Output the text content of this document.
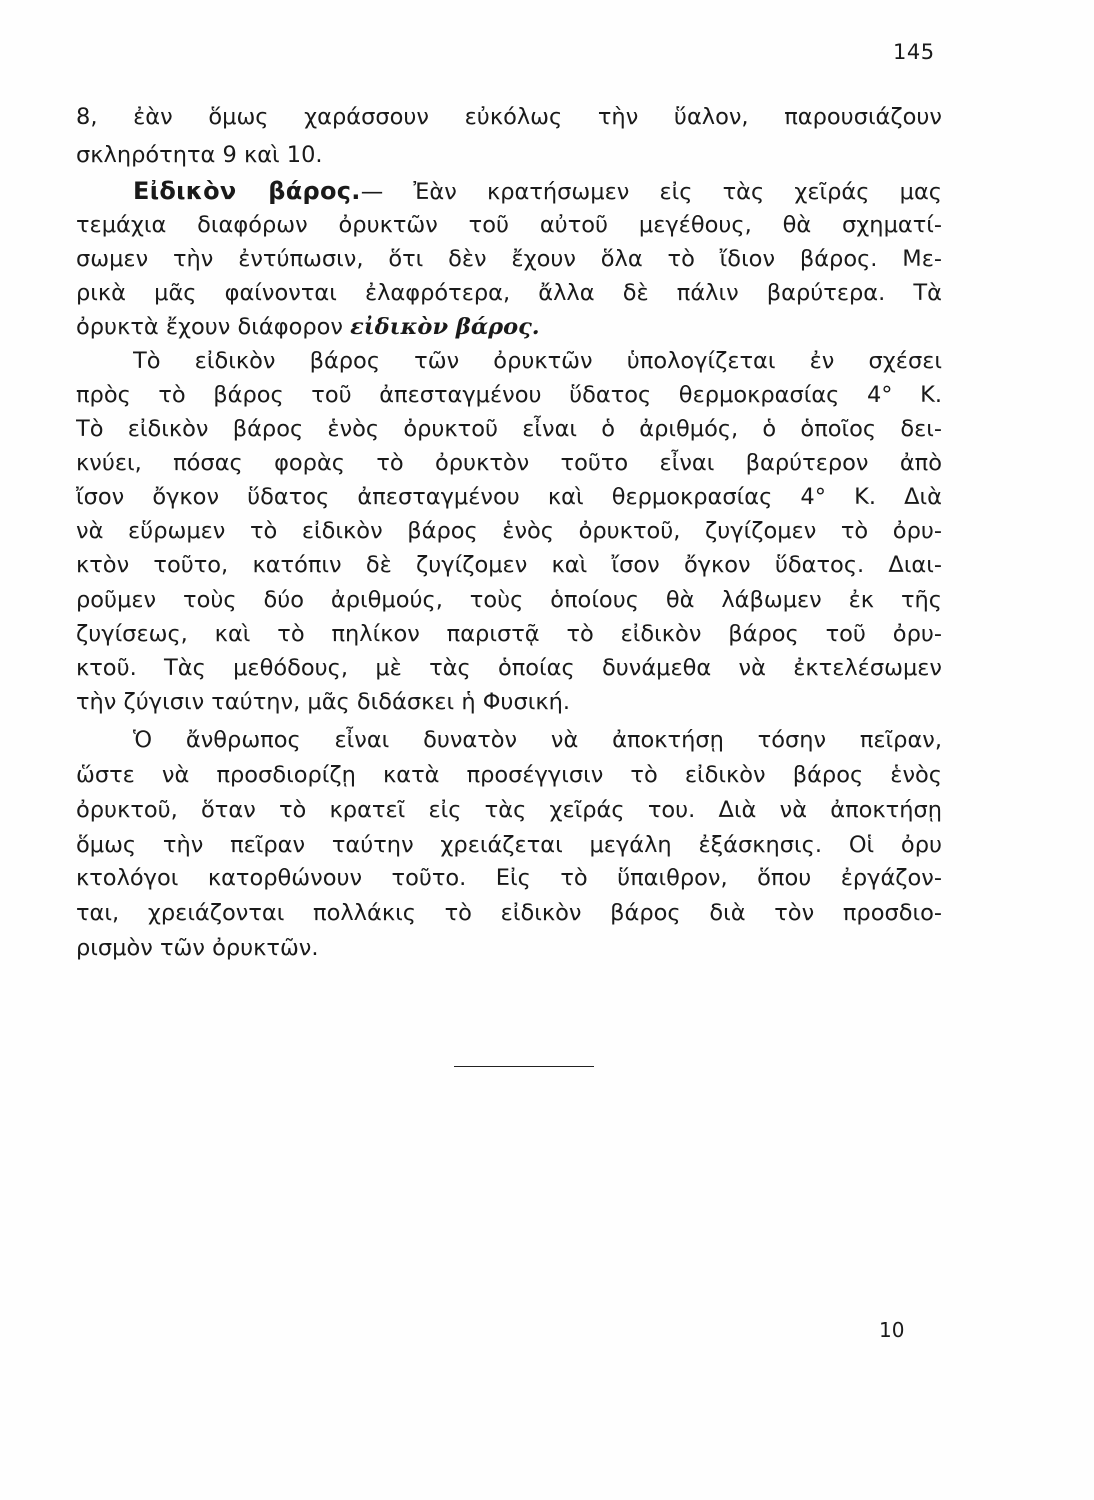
145
8, ἐὰν ὅμως χαράσσουν εὐκόλως τὴν ὕαλον, παρουσιάζουν
σκληρότητα 9 καὶ 10.
Εἰδικὸν βάρος.— Ἐὰν κρατήσωμεν εἰς τὰς χεῖράς μας
τεμάχια διαφόρων ὀρυκτῶν τοῦ αὐτοῦ μεγέθους, θὰ σχηματί-
σωμεν τὴν ἐντύπωσιν, ὅτι δὲν ἔχουν ὅλα τὸ ἴδιον βάρος. Με-
ρικὰ μᾶς φαίνονται ἐλαφρότερα, ἄλλα δὲ πάλιν βαρύτερα. Τὰ
ὀρυκτὰ ἔχουν διάφορον εἰδικὸν βάρος.
Τὸ εἰδικὸν βάρος τῶν ὀρυκτῶν ὑπολογίζεται ἐν σχέσει
πρὸς τὸ βάρος τοῦ ἀπεσταγμένου ὕδατος θερμοκρασίας 4° Κ.
Τὸ εἰδικὸν βάρος ἑνὸς ὀρυκτοῦ εἶναι ὁ ἀριθμός, ὁ ὁποῖος δει-
κνύει, πόσας φορὰς τὸ ὀρυκτὸν τοῦτο εἶναι βαρύτερον ἀπὸ
ἴσον ὄγκον ὕδατος ἀπεσταγμένου καὶ θερμοκρασίας 4° Κ. Διὰ
νὰ εὕρωμεν τὸ εἰδικὸν βάρος ἑνὸς ὀρυκτοῦ, ζυγίζομεν τὸ ὀρυ-
κτὸν τοῦτο, κατόπιν δὲ ζυγίζομεν καὶ ἴσον ὄγκον ὕδατος. Διαι-
ροῦμεν τοὺς δύο ἀριθμούς, τοὺς ὁποίους θὰ λάβωμεν ἐκ τῆς
ζυγίσεως, καὶ τὸ πηλίκον παριστᾷ τὸ εἰδικὸν βάρος τοῦ ὀρυ-
κτοῦ. Τὰς μεθόδους, μὲ τὰς ὁποίας δυνάμεθα νὰ ἐκτελέσωμεν
τὴν ζύγισιν ταύτην, μᾶς διδάσκει ἡ Φυσική.
Ὁ ἄνθρωπος εἶναι δυνατὸν νὰ ἀποκτήσῃ τόσην πεῖραν,
ὥστε νὰ προσδιορίζῃ κατὰ προσέγγισιν τὸ εἰδικὸν βάρος ἑνὸς
ὀρυκτοῦ, ὅταν τὸ κρατεῖ εἰς τὰς χεῖράς του. Διὰ νὰ ἀποκτήσῃ
ὅμως τὴν πεῖραν ταύτην χρειάζεται μεγάλη ἐξάσκησις. Οἱ ὀρυ
κτολόγοι κατορθώνουν τοῦτο. Εἰς τὸ ὕπαιθρον, ὅπου ἐργάζον-
ται, χρειάζονται πολλάκις τὸ εἰδικὸν βάρος διὰ τὸν προσδιο-
ρισμὸν τῶν ὀρυκτῶν.
10
